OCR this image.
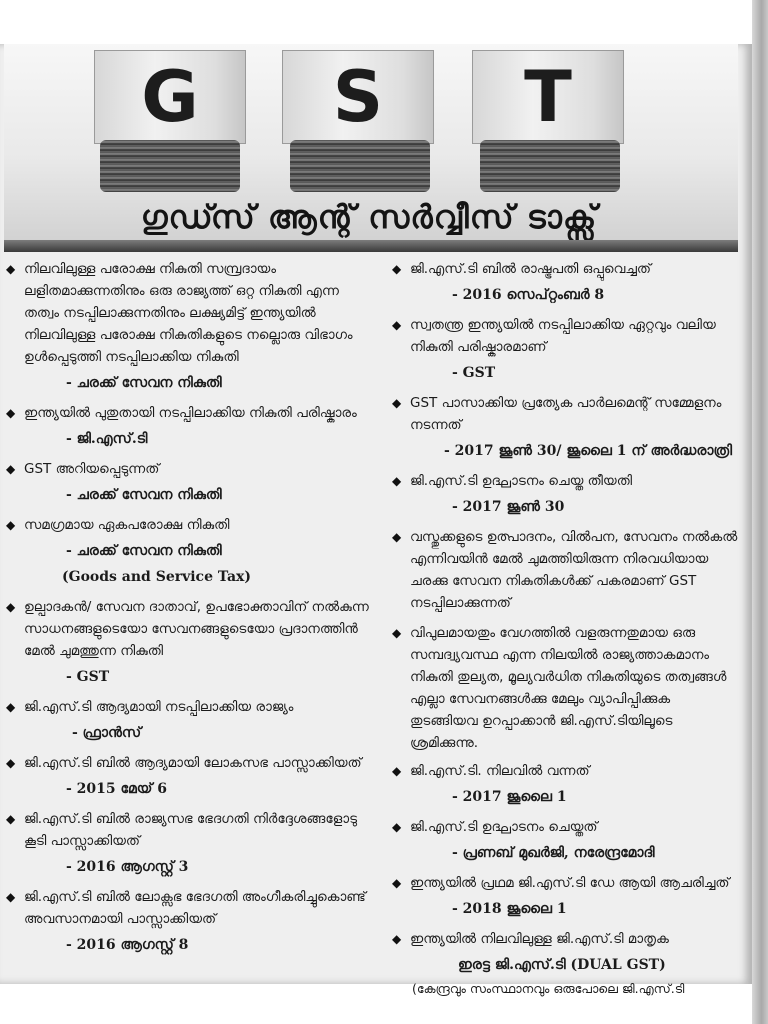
G S T
ഗുഡ്സ് ആന്റ് സർവ്വീസ് ടാക്സ്
◆ നിലവിലുള്ള പരോക്ഷ നികുതി സമ്പ്രദായം ലളിതമാക്കുന്നതിനും ഒരു രാജ്യത്ത് ഒറ്റ നികുതി എന്ന തത്വം നടപ്പിലാക്കുന്നതിനും ലക്ഷ്യമിട്ട് ഇന്ത്യയിൽ നിലവിലുള്ള പരോക്ഷ നികുതികളുടെ നല്ലൊരു വിഭാഗം ഉൾപ്പെടുത്തി നടപ്പിലാക്കിയ നികുതി
- ചരക്ക് സേവന നികുതി
◆ ഇന്ത്യയിൽ പുതുതായി നടപ്പിലാക്കിയ നികുതി പരിഷ്കാരം
- ജി.എസ്.ടി
◆ GST അറിയപ്പെടുന്നത്
- ചരക്ക് സേവന നികുതി
◆ സമഗ്രമായ ഏകപരോക്ഷ നികുതി
- ചരക്ക് സേവന നികുതി
(Goods and Service Tax)
◆ ഉല്പാദകൻ/ സേവന ദാതാവ്, ഉപഭോക്താവിന് നൽകുന്ന സാധനങ്ങളുടെയോ സേവനങ്ങളുടെയോ പ്രദാനത്തിൻ മേൽ ചുമത്തുന്ന നികുതി
- GST
◆ ജി.എസ്.ടി ആദ്യമായി നടപ്പിലാക്കിയ രാജ്യം
- ഫ്രാൻസ്
◆ ജി.എസ്.ടി ബിൽ ആദ്യമായി ലോകസഭ പാസ്സാക്കിയത്
- 2015 മേയ് 6
◆ ജി.എസ്.ടി ബിൽ രാജ്യസഭ ഭേദഗതി നിർദ്ദേശങ്ങളോടു കൂടി പാസ്സാക്കിയത്
- 2016 ആഗസ്റ്റ് 3
◆ ജി.എസ്.ടി ബിൽ ലോക്സഭ ഭേദഗതി അംഗീകരിച്ചുകൊണ്ട് അവസാനമായി പാസ്സാക്കിയത്
- 2016 ആഗസ്റ്റ് 8
◆ ജി.എസ്.ടി ബിൽ രാഷ്ട്രപതി ഒപ്പുവെച്ചത്
- 2016 സെപ്റ്റംബർ 8
◆ സ്വതന്ത്ര ഇന്ത്യയിൽ നടപ്പിലാക്കിയ ഏറ്റവും വലിയ നികുതി പരിഷ്കാരമാണ്
- GST
◆ GST പാസാക്കിയ പ്രത്യേക പാർലമെന്റ് സമ്മേളനം നടന്നത്
- 2017 ജൂൺ 30/ ജൂലൈ 1 ന് അർദ്ധരാത്രി
◆ ജി.എസ്.ടി ഉദ്ഘാടനം ചെയ്ത തീയതി
- 2017 ജൂൺ 30
◆ വസ്തുക്കളുടെ ഉത്പാദനം, വിൽപന, സേവനം നൽകൽ എന്നിവയിൻ മേൽ ചുമത്തിയിരുന്ന നിരവധിയായ ചരക്കു സേവന നികുതികൾക്ക് പകരമാണ് GST നടപ്പിലാക്കുന്നത്
◆ വിപുലമായതും വേഗത്തിൽ വളരുന്നതുമായ ഒരു സമ്പദ്വ്യവസ്ഥ എന്ന നിലയിൽ രാജ്യത്താകമാനം നികുതി തുല്യത, മൂല്യവർധിത നികുതിയുടെ തത്വങ്ങൾ എല്ലാ സേവനങ്ങൾക്കു മേലും വ്യാപിപ്പിക്കുക തുടങ്ങിയവ ഉറപ്പാക്കാൻ ജി.എസ്.ടിയിലൂടെ ശ്രമിക്കുന്നു.
◆ ജി.എസ്.ടി. നിലവിൽ വന്നത്
- 2017 ജൂലൈ 1
◆ ജി.എസ്.ടി ഉദ്ഘാടനം ചെയ്തത്
- പ്രണബ് മുഖർജി, നരേന്ദ്രമോദി
◆ ഇന്ത്യയിൽ പ്രഥമ ജി.എസ്.ടി ഡേ ആയി ആചരിച്ചത്
- 2018 ജൂലൈ 1
◆ ഇന്ത്യയിൽ നിലവിലുള്ള ജി.എസ്.ടി മാതൃക
ഇരട്ട ജി.എസ്.ടി (DUAL GST)
(കേന്ദ്രവും സംസ്ഥാനവും ഒരുപോലെ ജി.എസ്.ടി
